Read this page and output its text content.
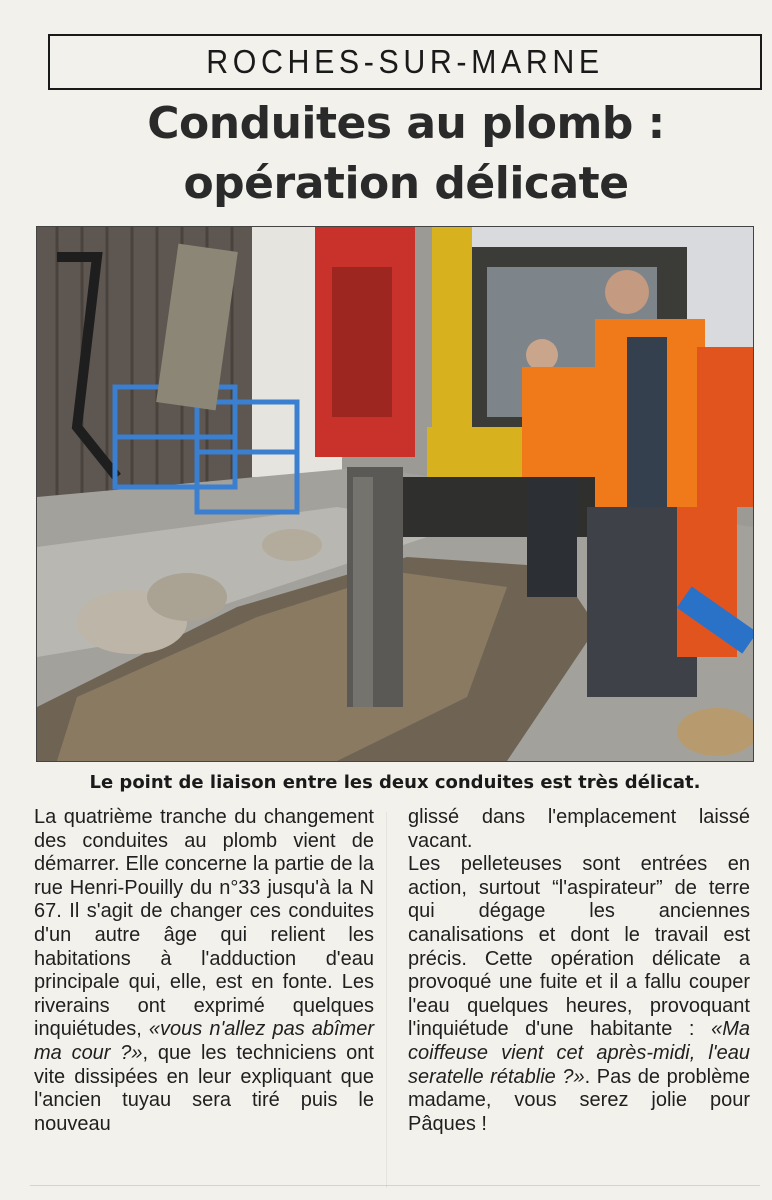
ROCHES-SUR-MARNE
Conduites au plomb :
opération délicate
Le point de liaison entre les deux conduites est très délicat.

La quatrième tranche du changement des conduites au plomb vient de démarrer. Elle concerne la partie de la rue Henri-Pouilly du n°33 jusqu'à la N 67. Il s'agit de changer ces conduites d'un autre âge qui relient les habitations à l'adduction d'eau principale qui, elle, est en fonte. Les riverains ont exprimé quelques inquiétudes, «vous n'allez pas abîmer ma cour ?», que les techniciens ont vite dissipées en leur expliquant que l'ancien tuyau sera tiré puis le nouveau

glissé dans l'emplacement laissé vacant.

Les pelleteuses sont entrées en action, surtout “l'aspirateur” de terre qui dégage les anciennes canalisations et dont le travail est précis. Cette opération délicate a provoqué une fuite et il a fallu couper l'eau quelques heures, provoquant l'inquiétude d'une habitante : «Ma coiffeuse vient cet après-midi, l'eau seratelle rétablie ?». Pas de problème madame, vous serez jolie pour Pâques !
